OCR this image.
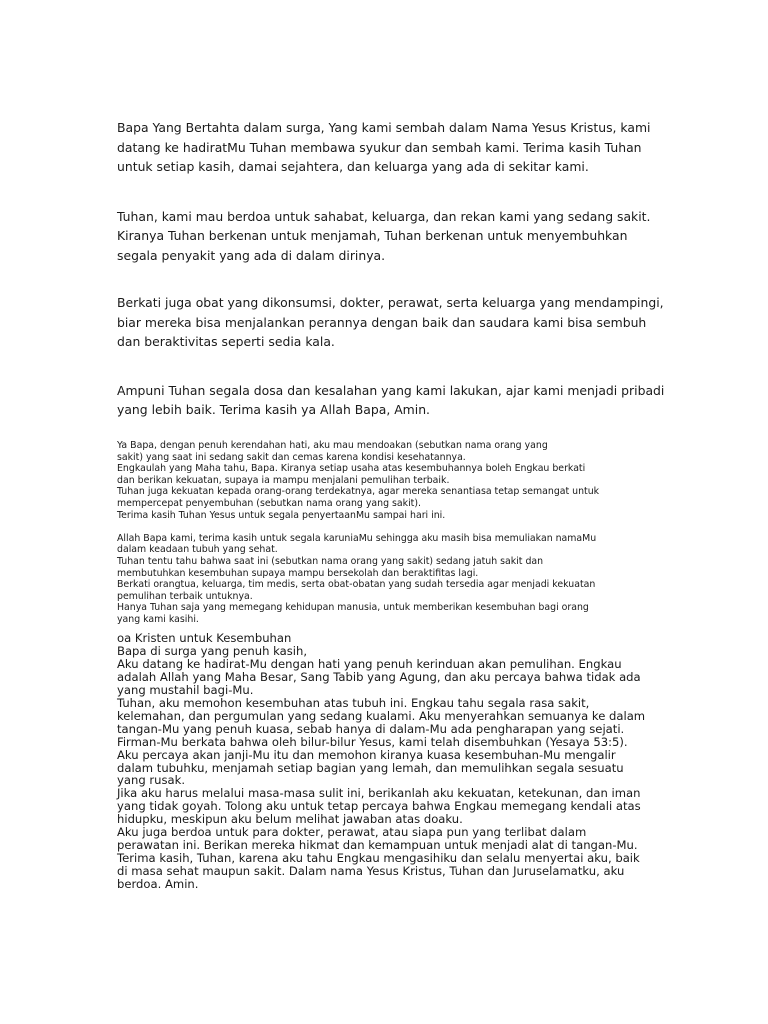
Bapa Yang Bertahta dalam surga, Yang kami sembah dalam Nama Yesus Kristus, kami
datang ke hadiratMu Tuhan membawa syukur dan sembah kami. Terima kasih Tuhan
untuk setiap kasih, damai sejahtera, dan keluarga yang ada di sekitar kami.

Tuhan, kami mau berdoa untuk sahabat, keluarga, dan rekan kami yang sedang sakit.
Kiranya Tuhan berkenan untuk menjamah, Tuhan berkenan untuk menyembuhkan
segala penyakit yang ada di dalam dirinya.

Berkati juga obat yang dikonsumsi, dokter, perawat, serta keluarga yang mendampingi,
biar mereka bisa menjalankan perannya dengan baik dan saudara kami bisa sembuh
dan beraktivitas seperti sedia kala.

Ampuni Tuhan segala dosa dan kesalahan yang kami lakukan, ajar kami menjadi pribadi
yang lebih baik. Terima kasih ya Allah Bapa, Amin.

Ya Bapa, dengan penuh kerendahan hati, aku mau mendoakan (sebutkan nama orang yang
sakit) yang saat ini sedang sakit dan cemas karena kondisi kesehatannya.
Engkaulah yang Maha tahu, Bapa. Kiranya setiap usaha atas kesembuhannya boleh Engkau berkati
dan berikan kekuatan, supaya ia mampu menjalani pemulihan terbaik.
Tuhan juga kekuatan kepada orang-orang terdekatnya, agar mereka senantiasa tetap semangat untuk
mempercepat penyembuhan (sebutkan nama orang yang sakit).
Terima kasih Tuhan Yesus untuk segala penyertaanMu sampai hari ini.

Allah Bapa kami, terima kasih untuk segala karuniaMu sehingga aku masih bisa memuliakan namaMu
dalam keadaan tubuh yang sehat.
Tuhan tentu tahu bahwa saat ini (sebutkan nama orang yang sakit) sedang jatuh sakit dan
membutuhkan kesembuhan supaya mampu bersekolah dan beraktifitas lagi.
Berkati orangtua, keluarga, tim medis, serta obat-obatan yang sudah tersedia agar menjadi kekuatan
pemulihan terbaik untuknya.
Hanya Tuhan saja yang memegang kehidupan manusia, untuk memberikan kesembuhan bagi orang
yang kami kasihi.

oa Kristen untuk Kesembuhan
Bapa di surga yang penuh kasih,
Aku datang ke hadirat-Mu dengan hati yang penuh kerinduan akan pemulihan. Engkau
adalah Allah yang Maha Besar, Sang Tabib yang Agung, dan aku percaya bahwa tidak ada
yang mustahil bagi-Mu.
Tuhan, aku memohon kesembuhan atas tubuh ini. Engkau tahu segala rasa sakit,
kelemahan, dan pergumulan yang sedang kualami. Aku menyerahkan semuanya ke dalam
tangan-Mu yang penuh kuasa, sebab hanya di dalam-Mu ada pengharapan yang sejati.
Firman-Mu berkata bahwa oleh bilur-bilur Yesus, kami telah disembuhkan (Yesaya 53:5).
Aku percaya akan janji-Mu itu dan memohon kiranya kuasa kesembuhan-Mu mengalir
dalam tubuhku, menjamah setiap bagian yang lemah, dan memulihkan segala sesuatu
yang rusak.
Jika aku harus melalui masa-masa sulit ini, berikanlah aku kekuatan, ketekunan, dan iman
yang tidak goyah. Tolong aku untuk tetap percaya bahwa Engkau memegang kendali atas
hidupku, meskipun aku belum melihat jawaban atas doaku.
Aku juga berdoa untuk para dokter, perawat, atau siapa pun yang terlibat dalam
perawatan ini. Berikan mereka hikmat dan kemampuan untuk menjadi alat di tangan-Mu.
Terima kasih, Tuhan, karena aku tahu Engkau mengasihiku dan selalu menyertai aku, baik
di masa sehat maupun sakit. Dalam nama Yesus Kristus, Tuhan dan Juruselamatku, aku
berdoa. Amin.
